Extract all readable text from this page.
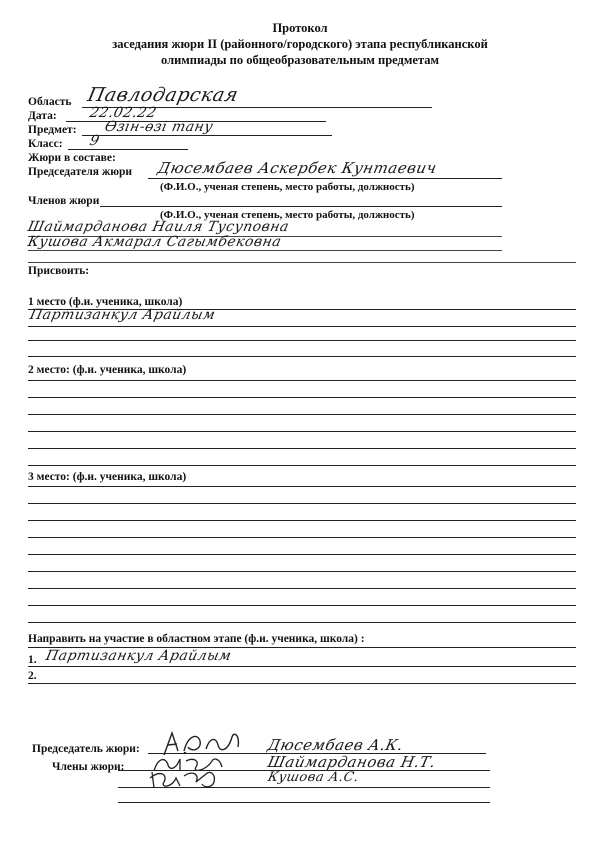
Протокол
заседания жюри II (районного/городского) этапа республиканской
олимпиады по общеобразовательным предметам
Область Павлодарская
Дата: 22.02.22
Предмет: Өзін-өзі тану
Класс: 9
Жюри в составе:
Председателя жюри Дюсембаев Аскербек Кунтаевич
(Ф.И.О., ученая степень, место работы, должность)
Членов жюри
(Ф.И.О., ученая степень, место работы, должность)
Шаймарданова Наиля Тусуповна
Кушова Акмарал Сагымбековна
Присвоить:
1 место (ф.и. ученика, школа)
Партизанкул Арайлым
2 место: (ф.и. ученика, школа)
3 место: (ф.и. ученика, школа)
Направить на участие в областном этапе (ф.и. ученика, школа) :
1. Партизанкул Арайлым
2.
Председатель жюри:
Члены жюри:
Дюсембаев А.К.
Шаймарданова Н.Т.
Кушова А.С.
